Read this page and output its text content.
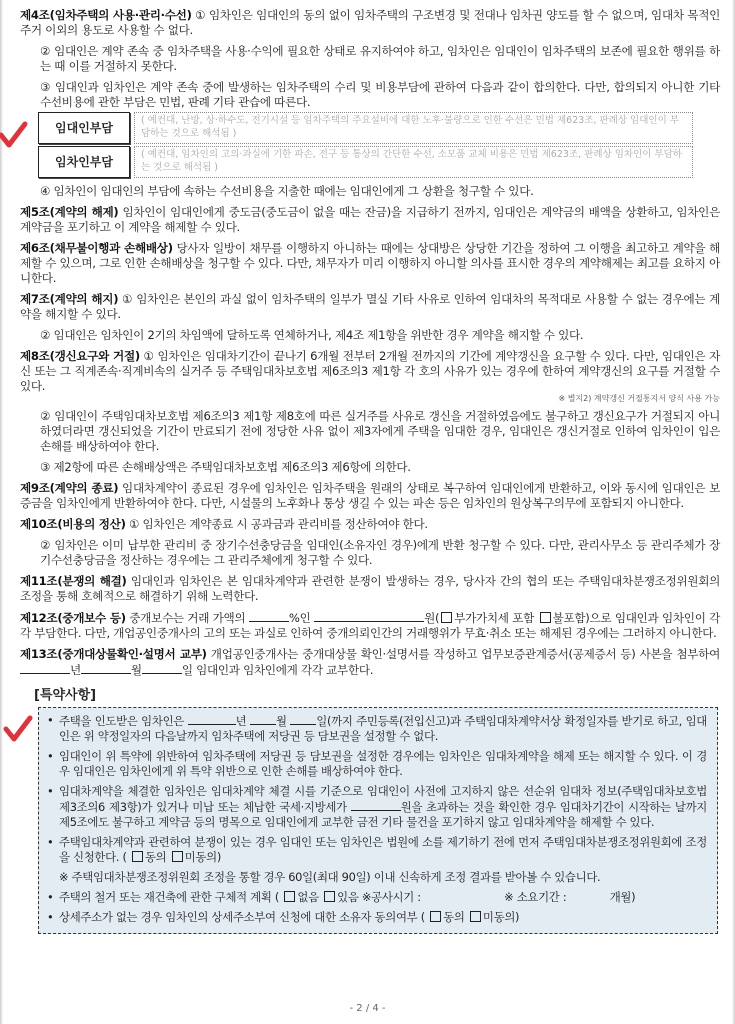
제4조(임차주택의 사용·관리·수선) ① 임차인은 임대인의 동의 없이 임차주택의 구조변경 및 전대나 임차권 양도를 할 수 없으며, 임대차 목적인 주거 이외의 용도로 사용할 수 없다.

② 임대인은 계약 존속 중 임차주택을 사용·수익에 필요한 상태로 유지하여야 하고, 임차인은 임대인이 임차주택의 보존에 필요한 행위를 하는 때 이를 거절하지 못한다.

③ 임대인과 임차인은 계약 존속 중에 발생하는 임차주택의 수리 및 비용부담에 관하여 다음과 같이 합의한다. 다만, 합의되지 아니한 기타 수선비용에 관한 부담은 민법, 판례 기타 관습에 따른다.

임대인부담
( 예컨대, 난방, 상·하수도, 전기시설 등 임차주택의 주요설비에 대한 노후·불량으로 인한 수선은 민법 제623조, 판례상 임대인이 부담하는 것으로 해석됨 )
임차인부담
( 예컨대, 임차인의 고의·과실에 기한 파손, 전구 등 통상의 간단한 수선, 소모품 교체 비용은 민법 제623조, 판례상 임차인이 부담하는 것으로 해석됨 )

④ 임차인이 임대인의 부담에 속하는 수선비용을 지출한 때에는 임대인에게 그 상환을 청구할 수 있다.

제5조(계약의 해제) 임차인이 임대인에게 중도금(중도금이 없을 때는 잔금)을 지급하기 전까지, 임대인은 계약금의 배액을 상환하고, 임차인은 계약금을 포기하고 이 계약을 해제할 수 있다.

제6조(채무불이행과 손해배상) 당사자 일방이 채무를 이행하지 아니하는 때에는 상대방은 상당한 기간을 정하여 그 이행을 최고하고 계약을 해제할 수 있으며, 그로 인한 손해배상을 청구할 수 있다. 다만, 채무자가 미리 이행하지 아니할 의사를 표시한 경우의 계약해제는 최고를 요하지 아니한다.

제7조(계약의 해지) ① 임차인은 본인의 과실 없이 임차주택의 일부가 멸실 기타 사유로 인하여 임대차의 목적대로 사용할 수 없는 경우에는 계약을 해지할 수 있다.

② 임대인은 임차인이 2기의 차임액에 달하도록 연체하거나, 제4조 제1항을 위반한 경우 계약을 해지할 수 있다.

제8조(갱신요구와 거절) ① 임차인은 임대차기간이 끝나기 6개월 전부터 2개월 전까지의 기간에 계약갱신을 요구할 수 있다. 다만, 임대인은 자신 또는 그 직계존속·직계비속의 실거주 등 주택임대차보호법 제6조의3 제1항 각 호의 사유가 있는 경우에 한하여 계약갱신의 요구를 거절할 수 있다.

※ 별지2) 계약갱신 거절통지서 양식 사용 가능

② 임대인이 주택임대차보호법 제6조의3 제1항 제8호에 따른 실거주를 사유로 갱신을 거절하였음에도 불구하고 갱신요구가 거절되지 아니하였더라면 갱신되었을 기간이 만료되기 전에 정당한 사유 없이 제3자에게 주택을 임대한 경우, 임대인은 갱신거절로 인하여 임차인이 입은 손해를 배상하여야 한다.

③ 제2항에 따른 손해배상액은 주택임대차보호법 제6조의3 제6항에 의한다.

제9조(계약의 종료) 임대차계약이 종료된 경우에 임차인은 임차주택을 원래의 상태로 복구하여 임대인에게 반환하고, 이와 동시에 임대인은 보증금을 임차인에게 반환하여야 한다. 다만, 시설물의 노후화나 통상 생길 수 있는 파손 등은 임차인의 원상복구의무에 포함되지 아니한다.

제10조(비용의 정산) ① 임차인은 계약종료 시 공과금과 관리비를 정산하여야 한다.

② 임차인은 이미 납부한 관리비 중 장기수선충당금을 임대인(소유자인 경우)에게 반환 청구할 수 있다. 다만, 관리사무소 등 관리주체가 장기수선충당금을 정산하는 경우에는 그 관리주체에게 청구할 수 있다.

제11조(분쟁의 해결) 임대인과 임차인은 본 임대차계약과 관련한 분쟁이 발생하는 경우, 당사자 간의 협의 또는 주택임대차분쟁조정위원회의 조정을 통해 호혜적으로 해결하기 위해 노력한다.

제12조(중개보수 등) 중개보수는 거래 가액의	%인	원( 부가가치세 포함 불포함)으로 임대인과 임차인이 각각 부담한다. 다만, 개업공인중개사의 고의 또는 과실로 인하여 중개의뢰인간의 거래행위가 무효·취소 또는 해제된 경우에는 그러하지 아니한다.

제13조(중개대상물확인·설명서 교부) 개업공인중개사는 중개대상물 확인·설명서를 작성하고 업무보증관계증서(공제증서 등) 사본을 첨부하여 년	월	일 임대인과 임차인에게 각각 교부한다.

[특약사항]
• 주택을 인도받은 임차인은	년	월	일(까지 주민등록(전입신고)과 주택임대차계약서상 확정일자를 받기로 하고, 임대인은 위 약정일자의 다음날까지 임차주택에 저당권 등 담보권을 설정할 수 없다.
• 임대인이 위 특약에 위반하여 임차주택에 저당권 등 담보권을 설정한 경우에는 임차인은 임대차계약을 해제 또는 해지할 수 있다. 이 경우 임대인은 임차인에게 위 특약 위반으로 인한 손해를 배상하여야 한다.
• 임대차계약을 체결한 임차인은 임대차계약 체결 시를 기준으로 임대인이 사전에 고지하지 않은 선순위 임대차 정보(주택임대차보호법 제3조의6 제3항)가 있거나 미납 또는 체납한 국세·지방세가	원을 초과하는 것을 확인한 경우 임대차기간이 시작하는 날까지 제5조에도 불구하고 계약금 등의 명목으로 임대인에게 교부한 금전 기타 물건을 포기하지 않고 임대차계약을 해제할 수 있다.
• 주택임대차계약과 관련하여 분쟁이 있는 경우 임대인 또는 임차인은 법원에 소를 제기하기 전에 먼저 주택임대차분쟁조정위원회에 조정을 신청한다. ( 동의 미동의)
※ 주택임대차분쟁조정위원회 조정을 통할 경우 60일(최대 90일) 이내 신속하게 조정 결과를 받아볼 수 있습니다.
• 주택의 철거 또는 재건축에 관한 구체적 계획 ( 없음 있음 ※공사시기 :	※ 소요기간 :	개월)
• 상세주소가 없는 경우 임차인의 상세주소부여 신청에 대한 소유자 동의여부 ( 동의 미동의)
- 2 / 4 -
